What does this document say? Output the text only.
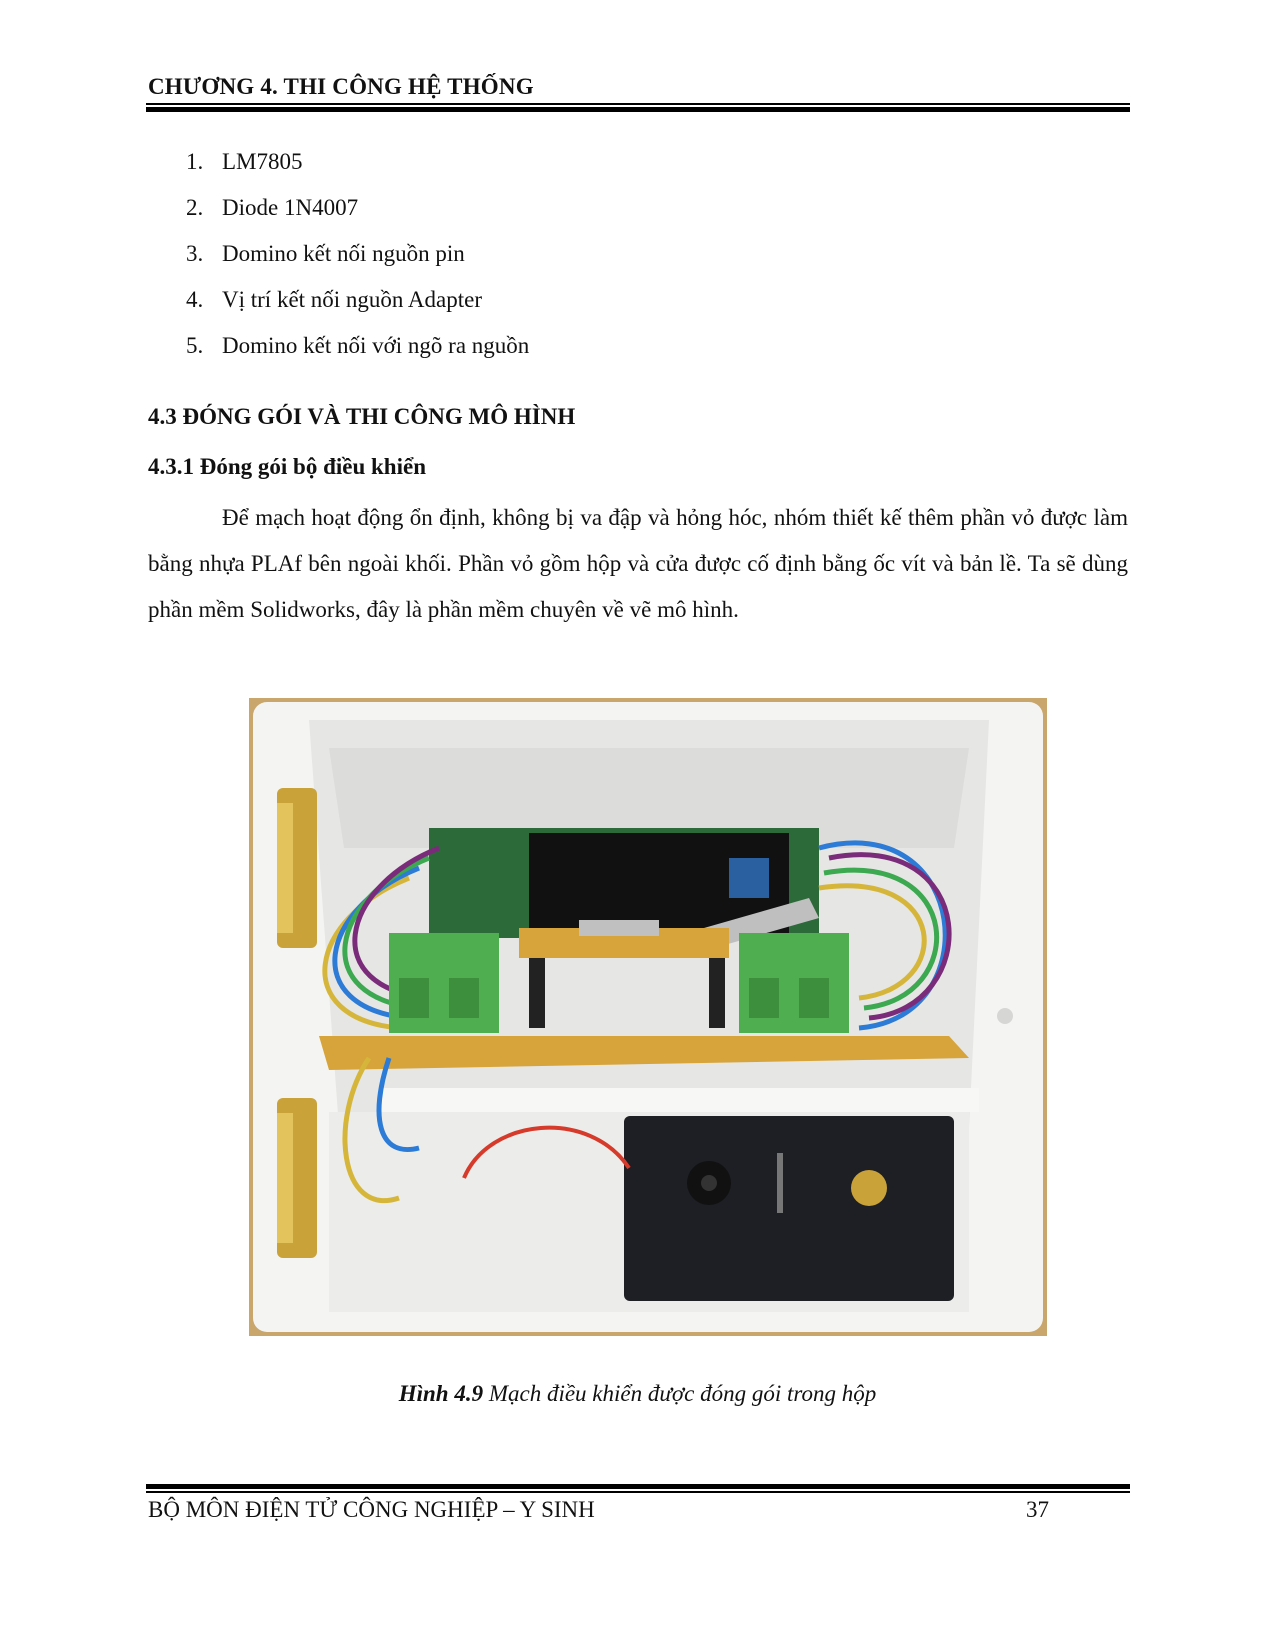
CHƯƠNG 4. THI CÔNG HỆ THỐNG
1. LM7805
2. Diode 1N4007
3. Domino kết nối nguồn pin
4. Vị trí kết nối nguồn Adapter
5. Domino kết nối với ngõ ra nguồn
4.3 ĐÓNG GÓI VÀ THI CÔNG MÔ HÌNH
4.3.1 Đóng gói bộ điều khiển

Để mạch hoạt động ổn định, không bị va đập và hỏng hóc, nhóm thiết kế thêm phần vỏ được làm bằng nhựa PLAf bên ngoài khối. Phần vỏ gồm hộp và cửa được cố định bằng ốc vít và bản lề. Ta sẽ dùng phần mềm Solidworks, đây là phần mềm chuyên về vẽ mô hình.

Hình 4.9 Mạch điều khiển được đóng gói trong hộp
BỘ MÔN ĐIỆN TỬ CÔNG NGHIỆP – Y SINH	37
